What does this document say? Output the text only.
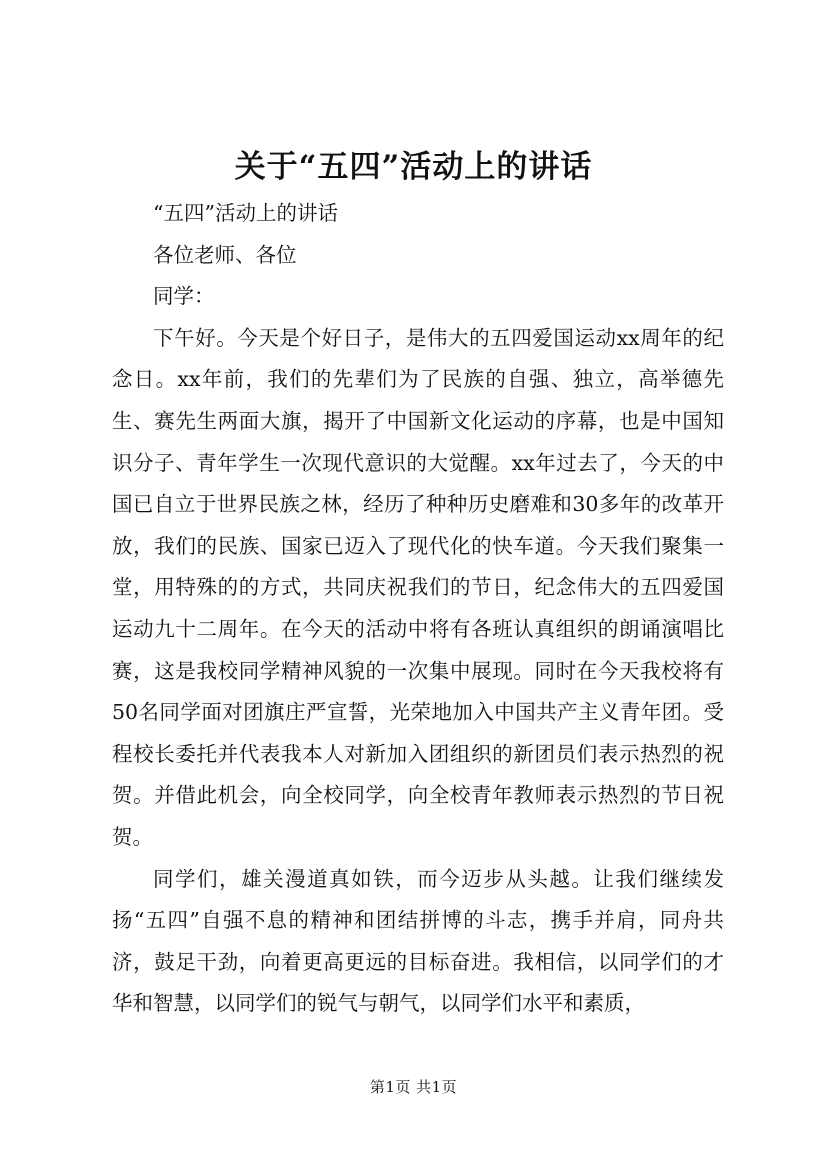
关于“五四”活动上的讲话

“五四”活动上的讲话

各位老师、各位

同学：

下午好。今天是个好日子，是伟大的五四爱国运动xx周年的纪念日。xx年前，我们的先辈们为了民族的自强、独立，高举德先生、赛先生两面大旗，揭开了中国新文化运动的序幕，也是中国知识分子、青年学生一次现代意识的大觉醒。xx年过去了，今天的中国已自立于世界民族之林，经历了种种历史磨难和30多年的改革开放，我们的民族、国家已迈入了现代化的快车道。今天我们聚集一堂，用特殊的的方式，共同庆祝我们的节日，纪念伟大的五四爱国运动九十二周年。在今天的活动中将有各班认真组织的朗诵演唱比赛，这是我校同学精神风貌的一次集中展现。同时在今天我校将有50名同学面对团旗庄严宣誓，光荣地加入中国共产主义青年团。受程校长委托并代表我本人对新加入团组织的新团员们表示热烈的祝贺。并借此机会，向全校同学，向全校青年教师表示热烈的节日祝贺。

同学们，雄关漫道真如铁，而今迈步从头越。让我们继续发扬“五四”自强不息的精神和团结拼博的斗志，携手并肩，同舟共济，鼓足干劲，向着更高更远的目标奋进。我相信，以同学们的才华和智慧，以同学们的锐气与朝气，以同学们水平和素质，

第1页 共1页
